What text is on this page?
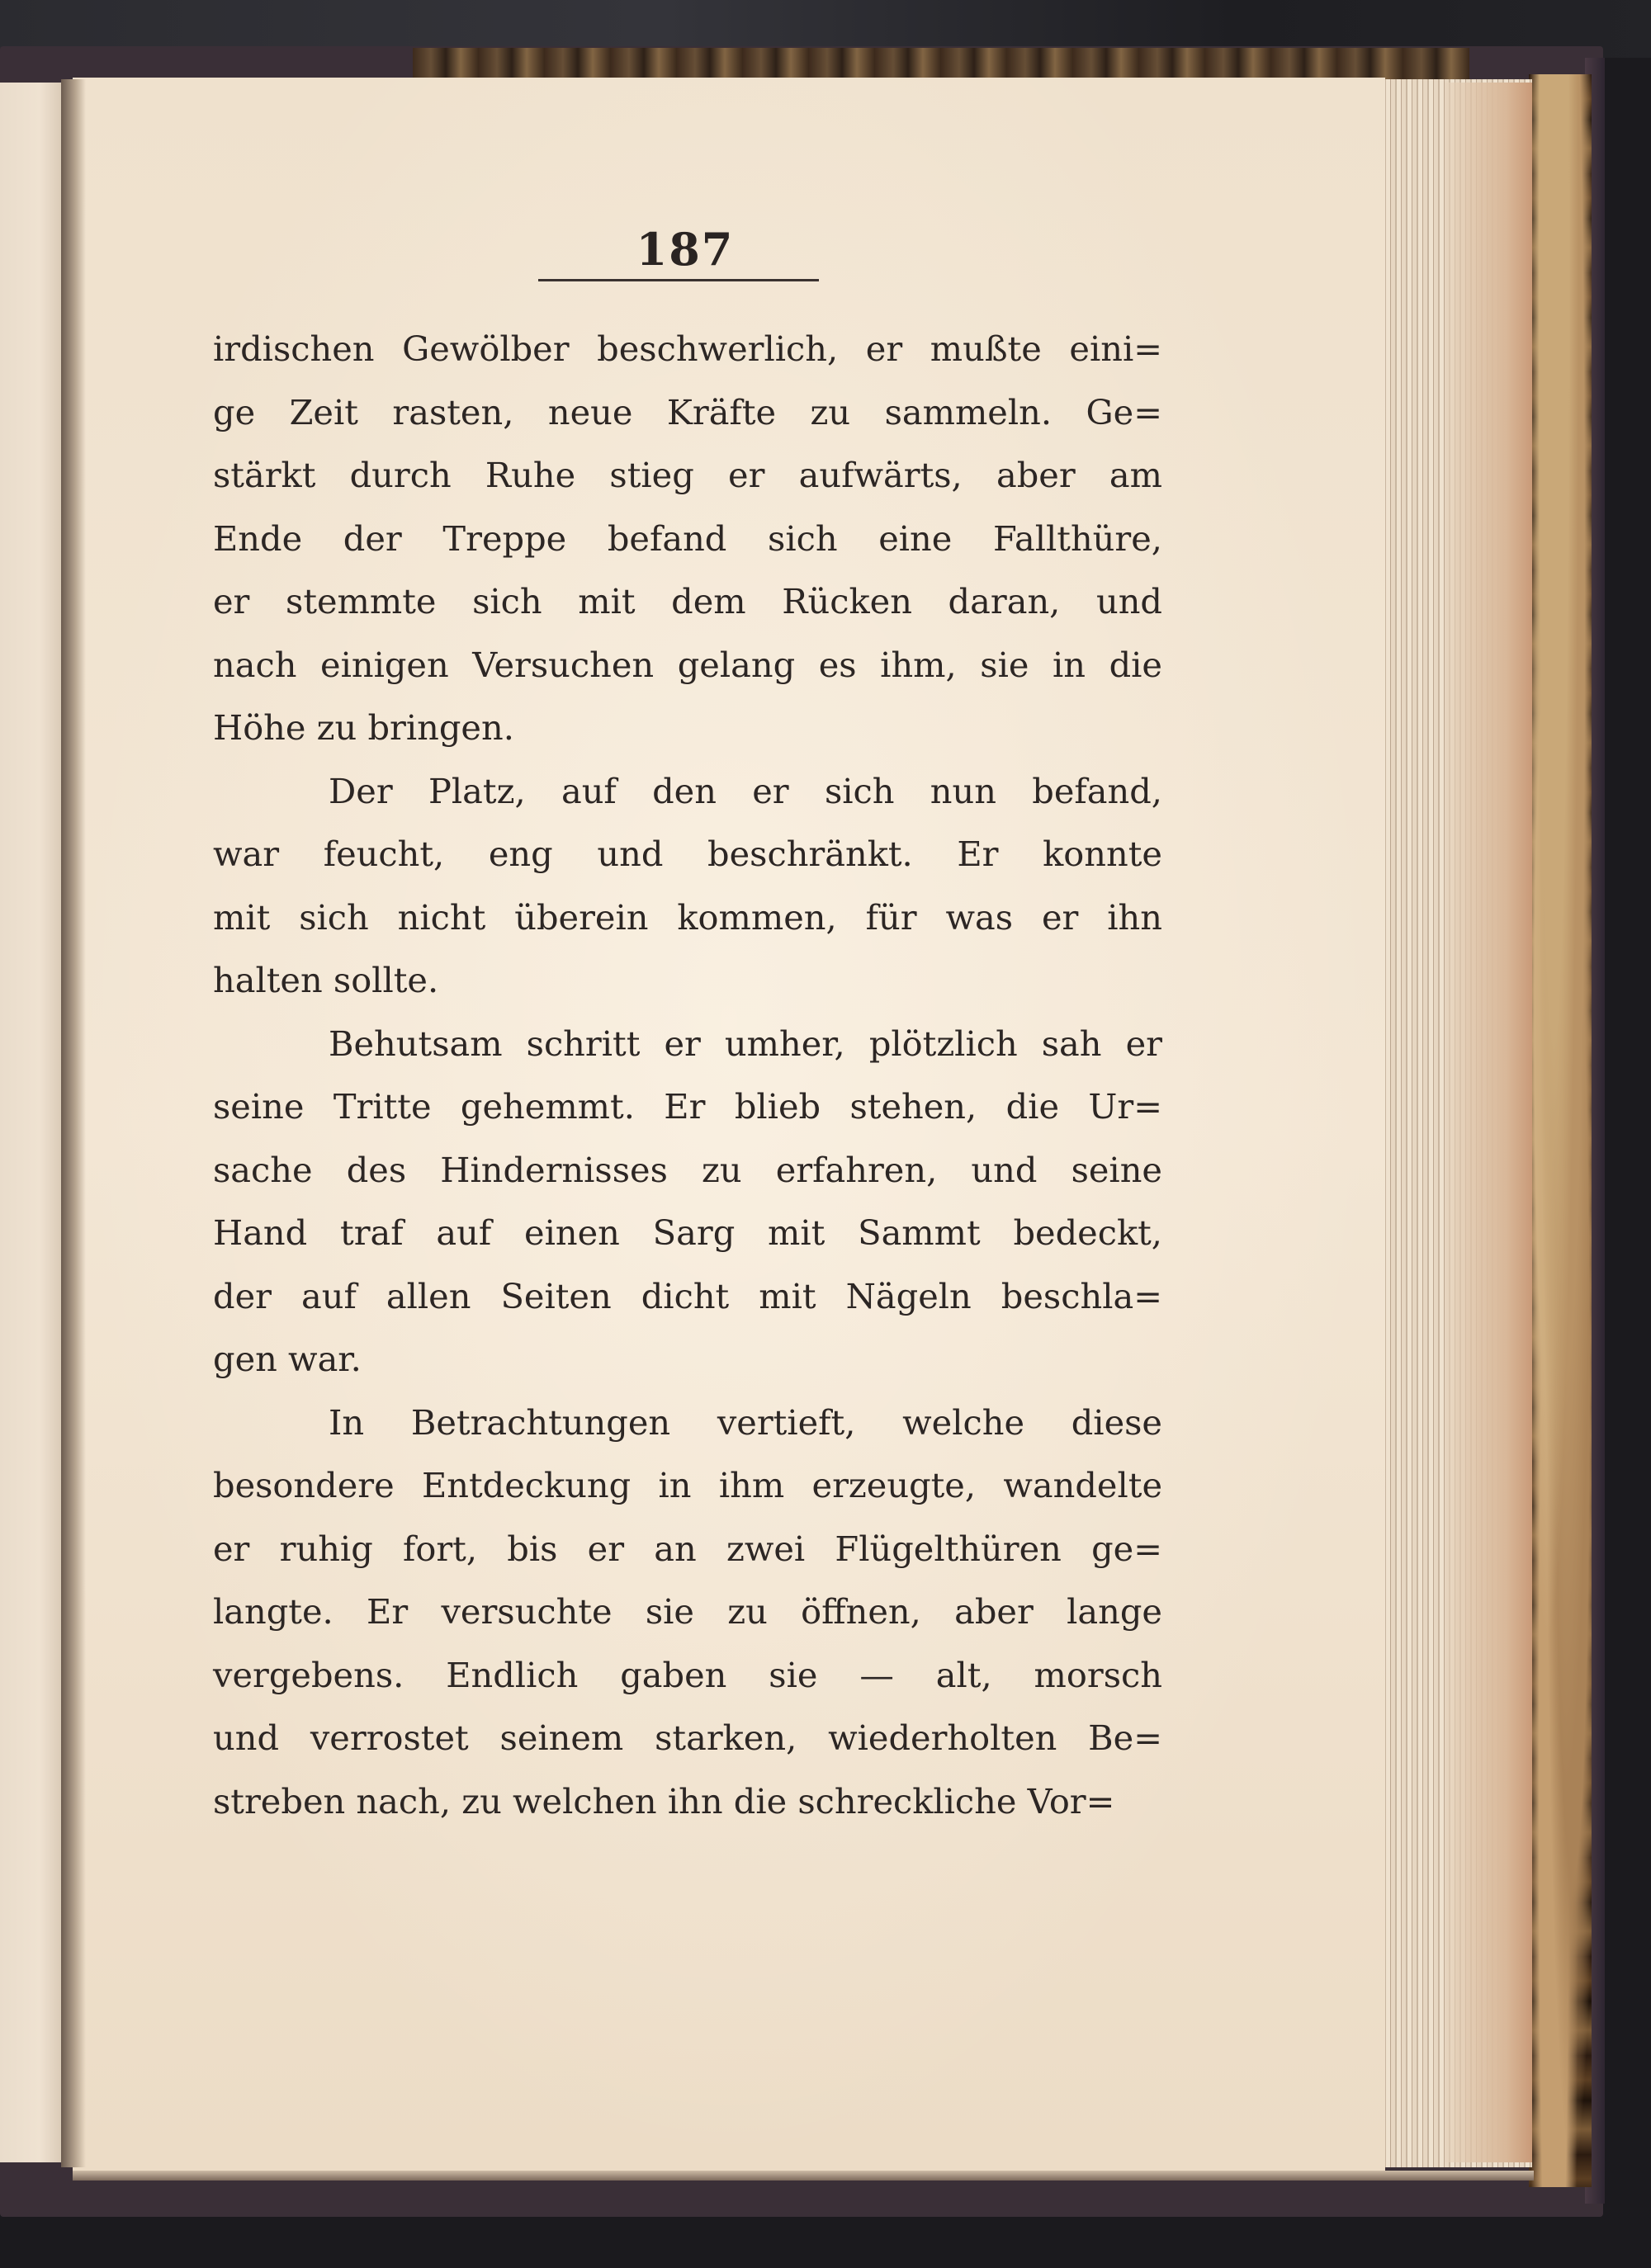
187
irdischen Gewölber beschwerlich, er mußte eini=
ge Zeit rasten, neue Kräfte zu sammeln. Ge=
stärkt durch Ruhe stieg er aufwärts, aber am
Ende der Treppe befand sich eine Fallthüre,
er stemmte sich mit dem Rücken daran, und
nach einigen Versuchen gelang es ihm, sie in die
Höhe zu bringen.
Der Platz, auf den er sich nun befand,
war feucht, eng und beschränkt. Er konnte
mit sich nicht überein kommen, für was er ihn
halten sollte.
Behutsam schritt er umher, plötzlich sah er
seine Tritte gehemmt. Er blieb stehen, die Ur=
sache des Hindernisses zu erfahren, und seine
Hand traf auf einen Sarg mit Sammt bedeckt,
der auf allen Seiten dicht mit Nägeln beschla=
gen war.
In Betrachtungen vertieft, welche diese
besondere Entdeckung in ihm erzeugte, wandelte
er ruhig fort, bis er an zwei Flügelthüren ge=
langte. Er versuchte sie zu öffnen, aber lange
vergebens. Endlich gaben sie — alt, morsch
und verrostet seinem starken, wiederholten Be=
streben nach, zu welchen ihn die schreckliche Vor=
